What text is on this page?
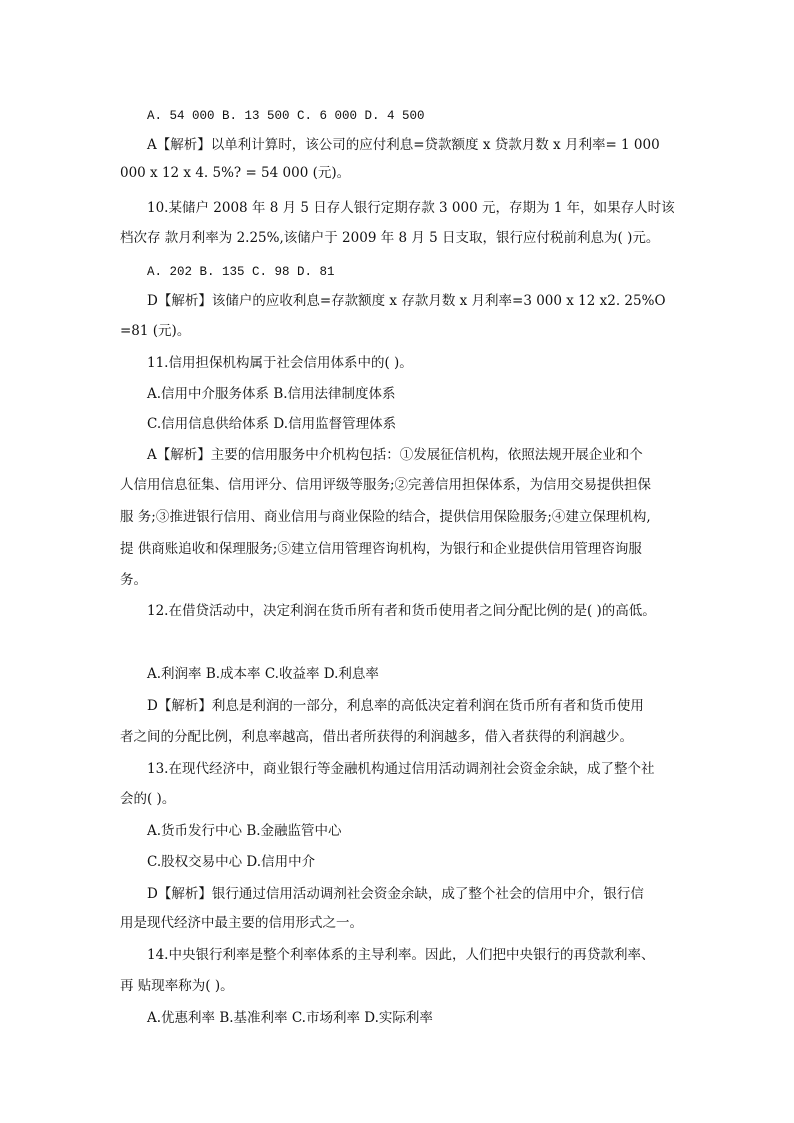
A. 54 000 B. 13 500 C. 6 000 D. 4 500
A【解析】以单利计算时，该公司的应付利息=贷款额度 x 贷款月数 x 月利率= 1 000
000 x 12 x 4. 5%? = 54 000 (元)。
10.某储户 2008 年 8 月 5 日存人银行定期存款 3 000 元，存期为 1 年，如果存人时该
档次存 款月利率为 2.25%,该储户于 2009 年 8 月 5 日支取，银行应付税前利息为( )元。
A. 202 B. 135 C. 98 D. 81
D【解析】该储户的应收利息=存款额度 x 存款月数 x 月利率=3 000 x 12 x2. 25%O
=81 (元)。
11.信用担保机构属于社会信用体系中的( )。
A.信用中介服务体系 B.信用法律制度体系
C.信用信息供给体系 D.信用监督管理体系
A【解析】主要的信用服务中介机构包括：①发展征信机构，依照法规开展企业和个
人信用信息征集、信用评分、信用评级等服务;②完善信用担保体系，为信用交易提供担保
服 务;③推进银行信用、商业信用与商业保险的结合，提供信用保险服务;④建立保理机构,
提 供商账追收和保理服务;⑤建立信用管理咨询机构，为银行和企业提供信用管理咨询服
务。
12.在借贷活动中，决定利润在货币所有者和货币使用者之间分配比例的是( )的高低。
A.利润率 B.成本率 C.收益率 D.利息率
D【解析】利息是利润的一部分，利息率的高低决定着利润在货币所有者和货币使用
者之间的分配比例，利息率越高，借出者所获得的利润越多，借入者获得的利润越少。
13.在现代经济中，商业银行等金融机构通过信用活动调剂社会资金余缺，成了整个社
会的( )。
A.货币发行中心 B.金融监管中心
C.股权交易中心 D.信用中介
D【解析】银行通过信用活动调剂社会资金余缺，成了整个社会的信用中介，银行信
用是现代经济中最主要的信用形式之一。
14.中央银行利率是整个利率体系的主导利率。因此，人们把中央银行的再贷款利率、
再 贴现率称为( )。
A.优惠利率 B.基准利率 C.市场利率 D.实际利率
